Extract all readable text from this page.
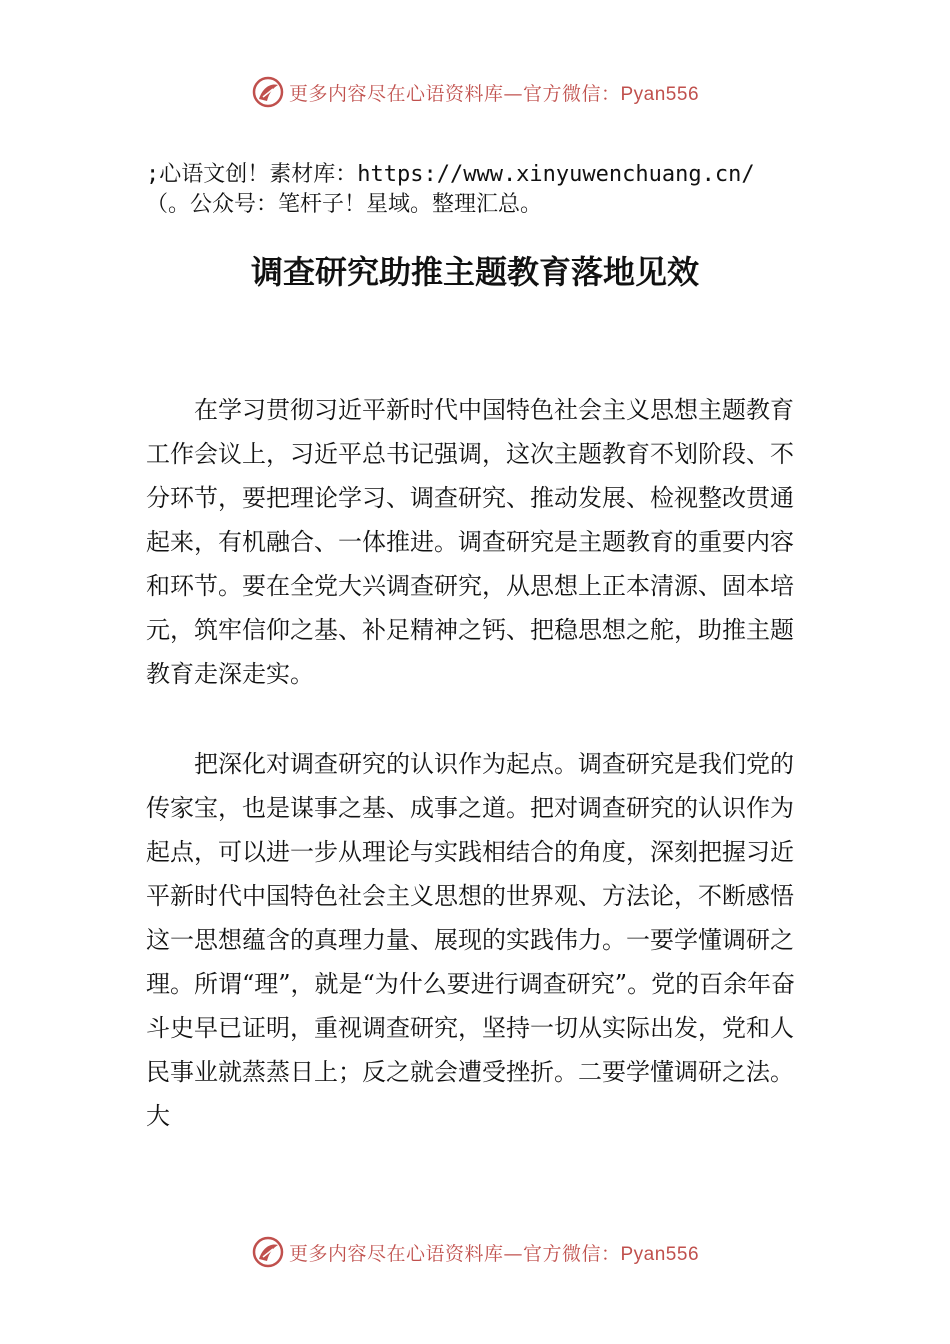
更多内容尽在心语资料库—官方微信：Pyan556
;心语文创！素材库：https://www.xinyuwenchuang.cn/
（。公众号：笔杆子！星域。整理汇总。
调查研究助推主题教育落地见效

在学习贯彻习近平新时代中国特色社会主义思想主题教育工作会议上，习近平总书记强调，这次主题教育不划阶段、不分环节，要把理论学习、调查研究、推动发展、检视整改贯通起来，有机融合、一体推进。调查研究是主题教育的重要内容和环节。要在全党大兴调查研究，从思想上正本清源、固本培元，筑牢信仰之基、补足精神之钙、把稳思想之舵，助推主题教育走深走实。

把深化对调查研究的认识作为起点。调查研究是我们党的传家宝，也是谋事之基、成事之道。把对调查研究的认识作为起点，可以进一步从理论与实践相结合的角度，深刻把握习近平新时代中国特色社会主义思想的世界观、方法论，不断感悟这一思想蕴含的真理力量、展现的实践伟力。一要学懂调研之理。所谓“理”，就是“为什么要进行调查研究”。党的百余年奋斗史早已证明，重视调查研究，坚持一切从实际出发，党和人民事业就蒸蒸日上；反之就会遭受挫折。二要学懂调研之法。大

更多内容尽在心语资料库—官方微信：Pyan556
